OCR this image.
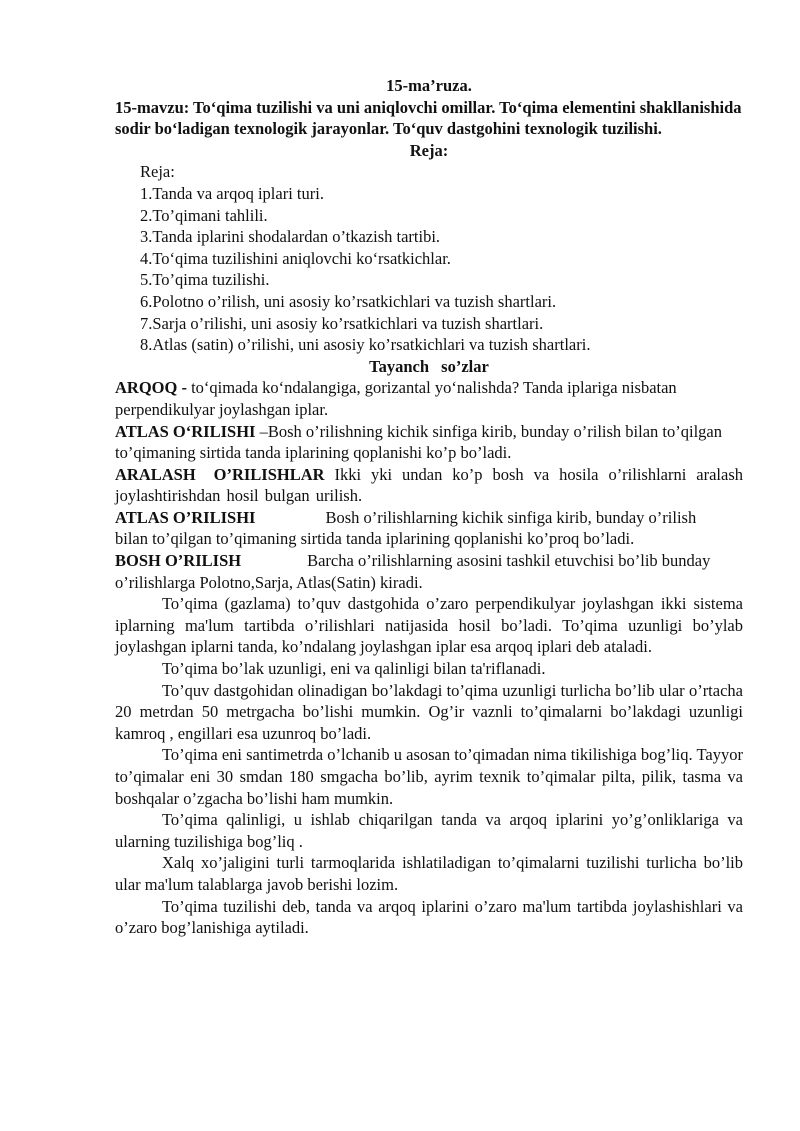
15-ma’ruza.

15-mavzu: To‘qima tuzilishi va uni aniqlovchi omillar. To‘qima elementini shakllanishida sodir bo‘ladigan texnologik jarayonlar. To‘quv dastgohini texnologik tuzilishi.

Reja:

Reja:

1.Tanda va arqoq iplari turi.

2.To’qimani tahlili.

3.Tanda iplarini shodalardan o’tkazish tartibi.

4.To‘qima tuzilishini aniqlovchi ko‘rsatkichlar.

5.To’qima tuzilishi.

6.Polotno o’rilish, uni asosiy ko’rsatkichlari va tuzish shartlari.

7.Sarja o’rilishi, uni asosiy ko’rsatkichlari va tuzish shartlari.

8.Atlas (satin) o’rilishi, uni asosiy ko’rsatkichlari va tuzish shartlari.

Tayanch so’zlar

ARQOQ - to‘qimada ko‘ndalangiga, gorizantal yo‘nalishda? Tanda iplariga nisbatan perpendikulyar joylashgan iplar.

ATLAS O‘RILISHI –Bosh o’rilishning kichik sinfiga kirib, bunday o’rilish bilan to’qilgan to’qimaning sirtida tanda iplarining qoplanishi ko’p bo’ladi.

ARALASH O’RILISHLAR Ikki yki undan ko’p bosh va hosila o’rilishlarni aralash joylashtirishdan hosil bulgan urilish.

ATLAS O’RILISHI	Bosh o’rilishlarning kichik sinfiga kirib, bunday o’rilish

bilan to’qilgan to’qimaning sirtida tanda iplarining qoplanishi ko’proq bo’ladi.

BOSH O’RILISH	Barcha o’rilishlarning asosini tashkil etuvchisi bo’lib bunday

o’rilishlarga Polotno,Sarja, Atlas(Satin) kiradi.

To’qima (gazlama) to’quv dastgohida o’zaro perpendikulyar joylashgan ikki sistema iplarning ma'lum tartibda o’rilishlari natijasida hosil bo’ladi. To’qima uzunligi bo’ylab joylashgan iplarni tanda, ko’ndalang joylashgan iplar esa arqoq iplari deb ataladi.

To’qima bo’lak uzunligi, eni va qalinligi bilan ta'riflanadi.

To’quv dastgohidan olinadigan bo’lakdagi to’qima uzunligi turlicha bo’lib ular o’rtacha 20 metrdan 50 metrgacha bo’lishi mumkin. Og’ir vaznli to’qimalarni bo’lakdagi uzunligi kamroq , engillari esa uzunroq bo’ladi.

To’qima eni santimetrda o’lchanib u asosan to’qimadan nima tikilishiga bog’liq. Tayyor to’qimalar eni 30 smdan 180 smgacha bo’lib, ayrim texnik to’qimalar pilta, pilik, tasma va boshqalar o’zgacha bo’lishi ham mumkin.

To’qima qalinligi, u ishlab chiqarilgan tanda va arqoq iplarini yo’g’onliklariga va ularning tuzilishiga bog’liq .

Xalq xo’jaligini turli tarmoqlarida ishlatiladigan to’qimalarni tuzilishi turlicha bo’lib ular ma'lum talablarga javob berishi lozim.

To’qima tuzilishi deb, tanda va arqoq iplarini o’zaro ma'lum tartibda joylashishlari va o’zaro bog’lanishiga aytiladi.
